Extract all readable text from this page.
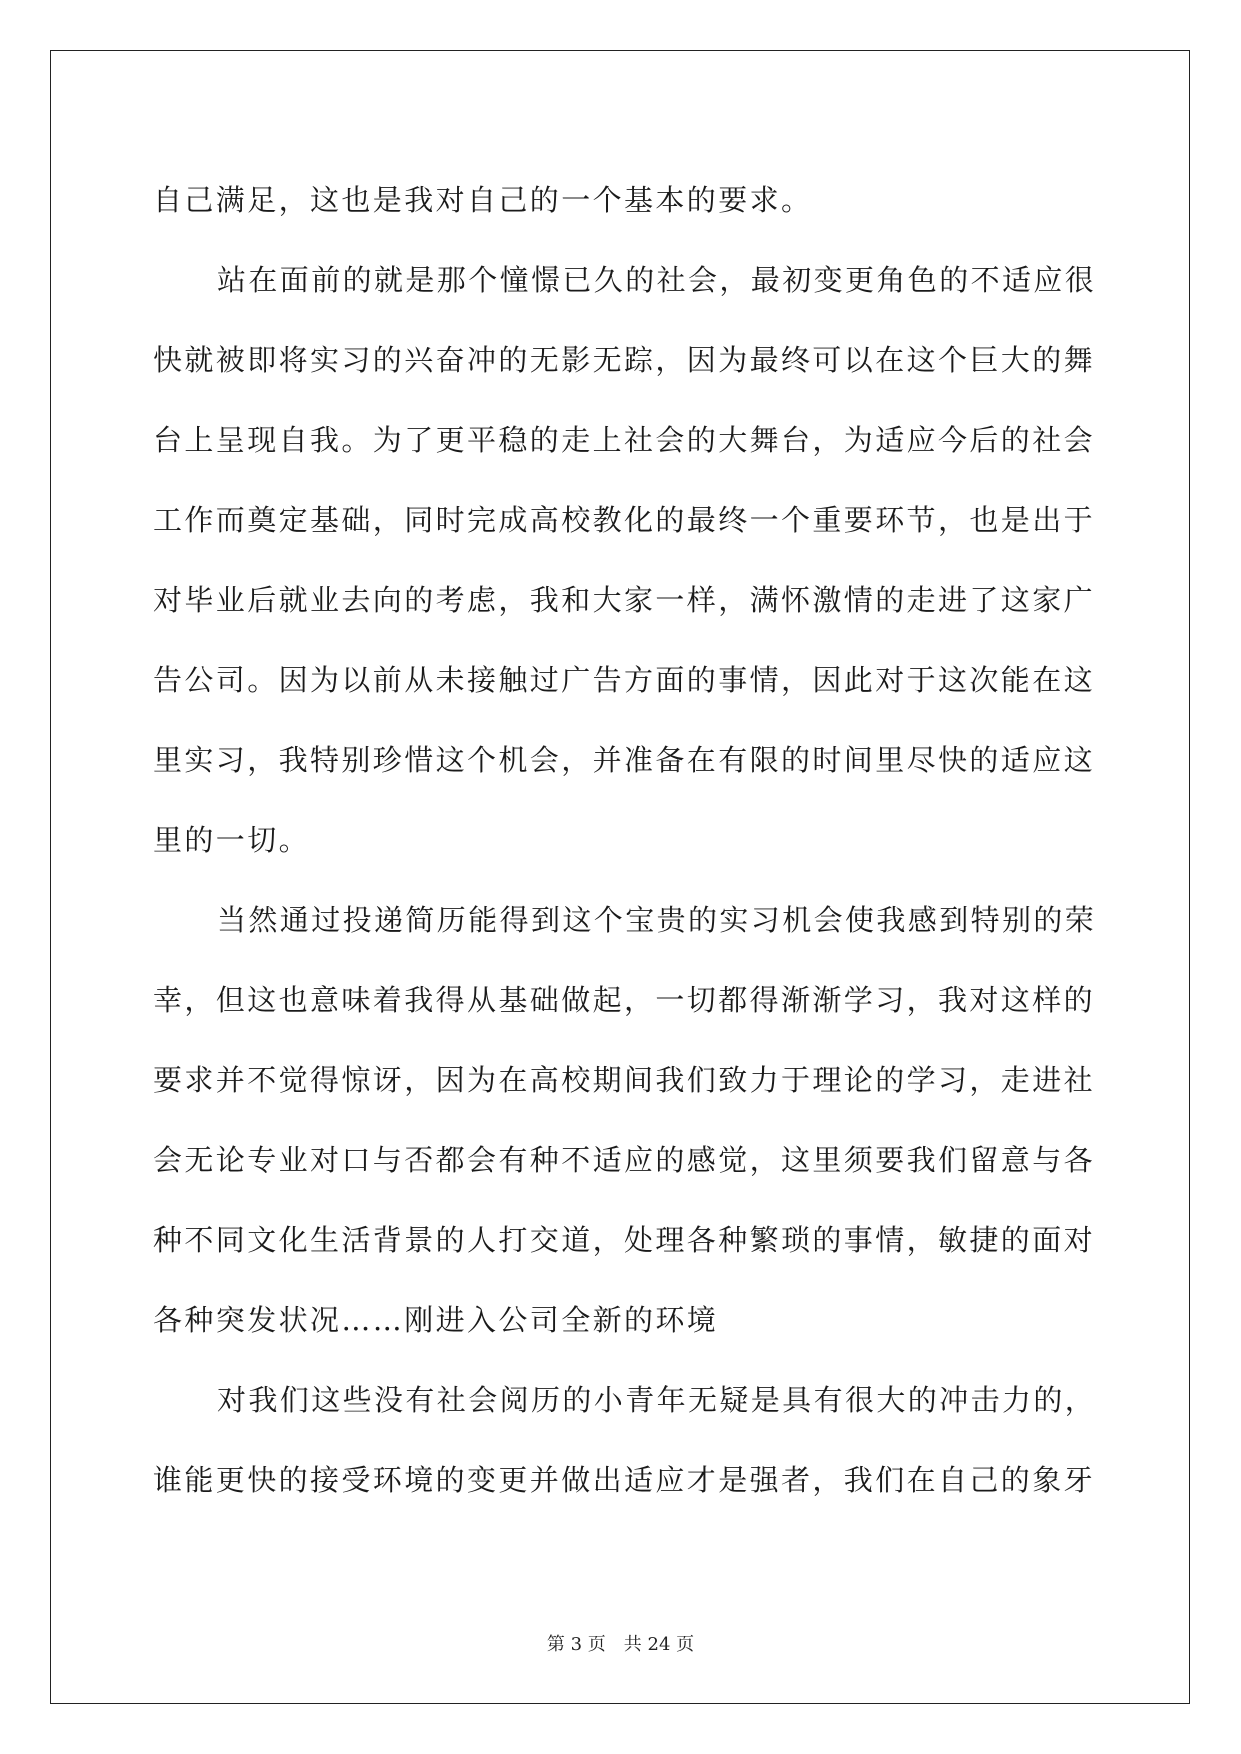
自己满足，这也是我对自己的一个基本的要求。
站在面前的就是那个憧憬已久的社会，最初变更角色的不适应很
快就被即将实习的兴奋冲的无影无踪，因为最终可以在这个巨大的舞
台上呈现自我。为了更平稳的走上社会的大舞台，为适应今后的社会
工作而奠定基础，同时完成高校教化的最终一个重要环节，也是出于
对毕业后就业去向的考虑，我和大家一样，满怀激情的走进了这家广
告公司。因为以前从未接触过广告方面的事情，因此对于这次能在这
里实习，我特别珍惜这个机会，并准备在有限的时间里尽快的适应这
里的一切。
当然通过投递简历能得到这个宝贵的实习机会使我感到特别的荣
幸，但这也意味着我得从基础做起，一切都得渐渐学习，我对这样的
要求并不觉得惊讶，因为在高校期间我们致力于理论的学习，走进社
会无论专业对口与否都会有种不适应的感觉，这里须要我们留意与各
种不同文化生活背景的人打交道，处理各种繁琐的事情，敏捷的面对
各种突发状况……刚进入公司全新的环境
对我们这些没有社会阅历的小青年无疑是具有很大的冲击力的，
谁能更快的接受环境的变更并做出适应才是强者，我们在自己的象牙
第 3 页　共 24 页
